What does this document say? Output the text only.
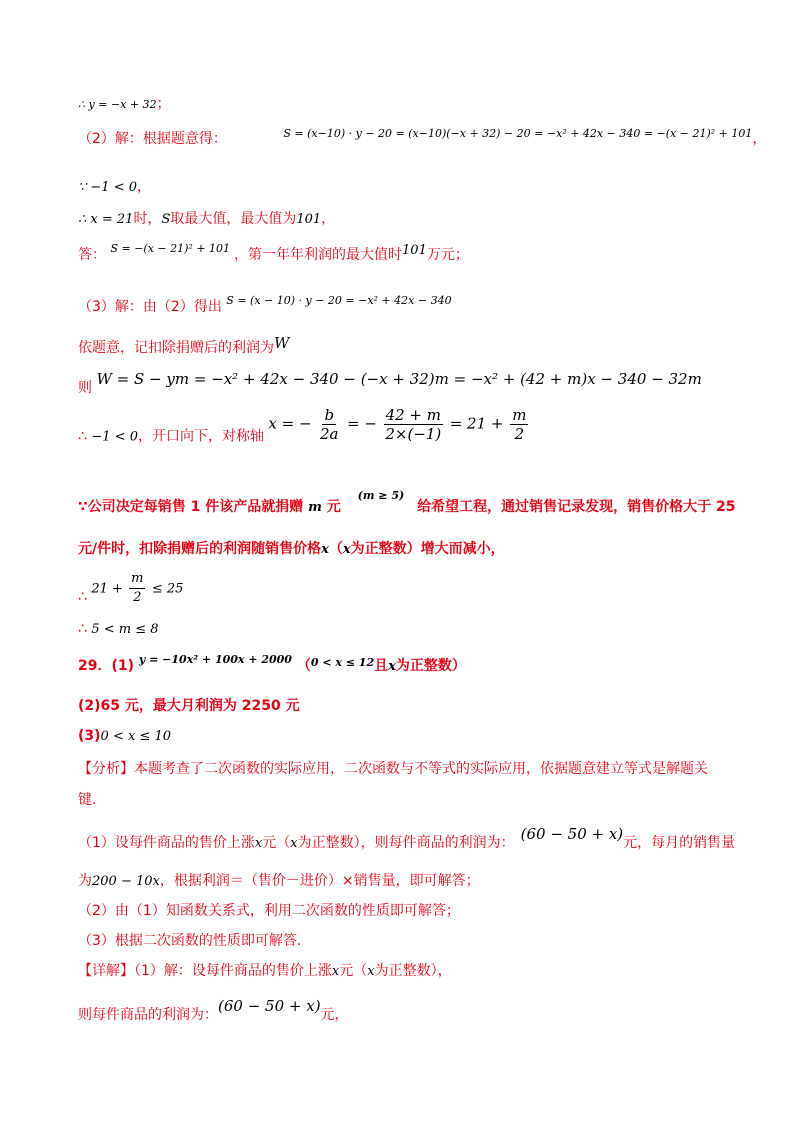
∴ y = −x + 32；
（2）解：根据题意得：	$^{S = (x-10) \cdot y - 20 = (x-10)(-x + 32) - 20 = -x^2 + 42x - 340 = -(x - 21)^2 + 101}$，
∵ −1 < 0，
∴ x = 21时，S取最大值，最大值为101，
答： $^{S = -(x - 21)^2 + 101}$ ，第一年年利润的最大值时101万元；
（3）解：由（2）得出 $^{S = (x - 10) \cdot y - 20 = -x^2 + 42x - 340}$
依题意，记扣除捐赠后的利润为W
则 W = S − ym = −x² + 42x − 340 − (−x + 32)m = −x² + (42 + m)x − 340 − 32m
∴ −1 < 0，开口向下，对称轴 x = − $\frac{b}{2a}$ = − $\frac{42 + m}{2\times(-1)} = 21 + \frac{m}{2}$
∵公司决定每销售 1 件该产品就捐赠 m 元 $^{(m \ge 5)}$ 给希望工程，通过销售记录发现，销售价格大于 25
元/件时，扣除捐赠后的利润随销售价格x（x为正整数）增大而减小，
∴ $21 + \frac{m}{2} \le 25$
∴ 5 < m ≤ 8
29．(1) $^{y = -10x^2 + 100x + 2000}$ （$^{0 < x \le 12}$且x为正整数）
(2)65 元，最大月利润为 2250 元
(3)0 < x ≤ 10
【分析】本题考查了二次函数的实际应用，二次函数与不等式的实际应用，依据题意建立等式是解题关
键.
（1）设每件商品的售价上涨x元（x为正整数），则每件商品的利润为： (60 − 50 + x)元，每月的销售量
为200 − 10x，根据利润＝（售价－进价）×销售量，即可解答；
（2）由（1）知函数关系式，利用二次函数的性质即可解答；
（3）根据二次函数的性质即可解答.
【详解】（1）解：设每件商品的售价上涨x元（x为正整数），
则每件商品的利润为：(60 − 50 + x)元，
